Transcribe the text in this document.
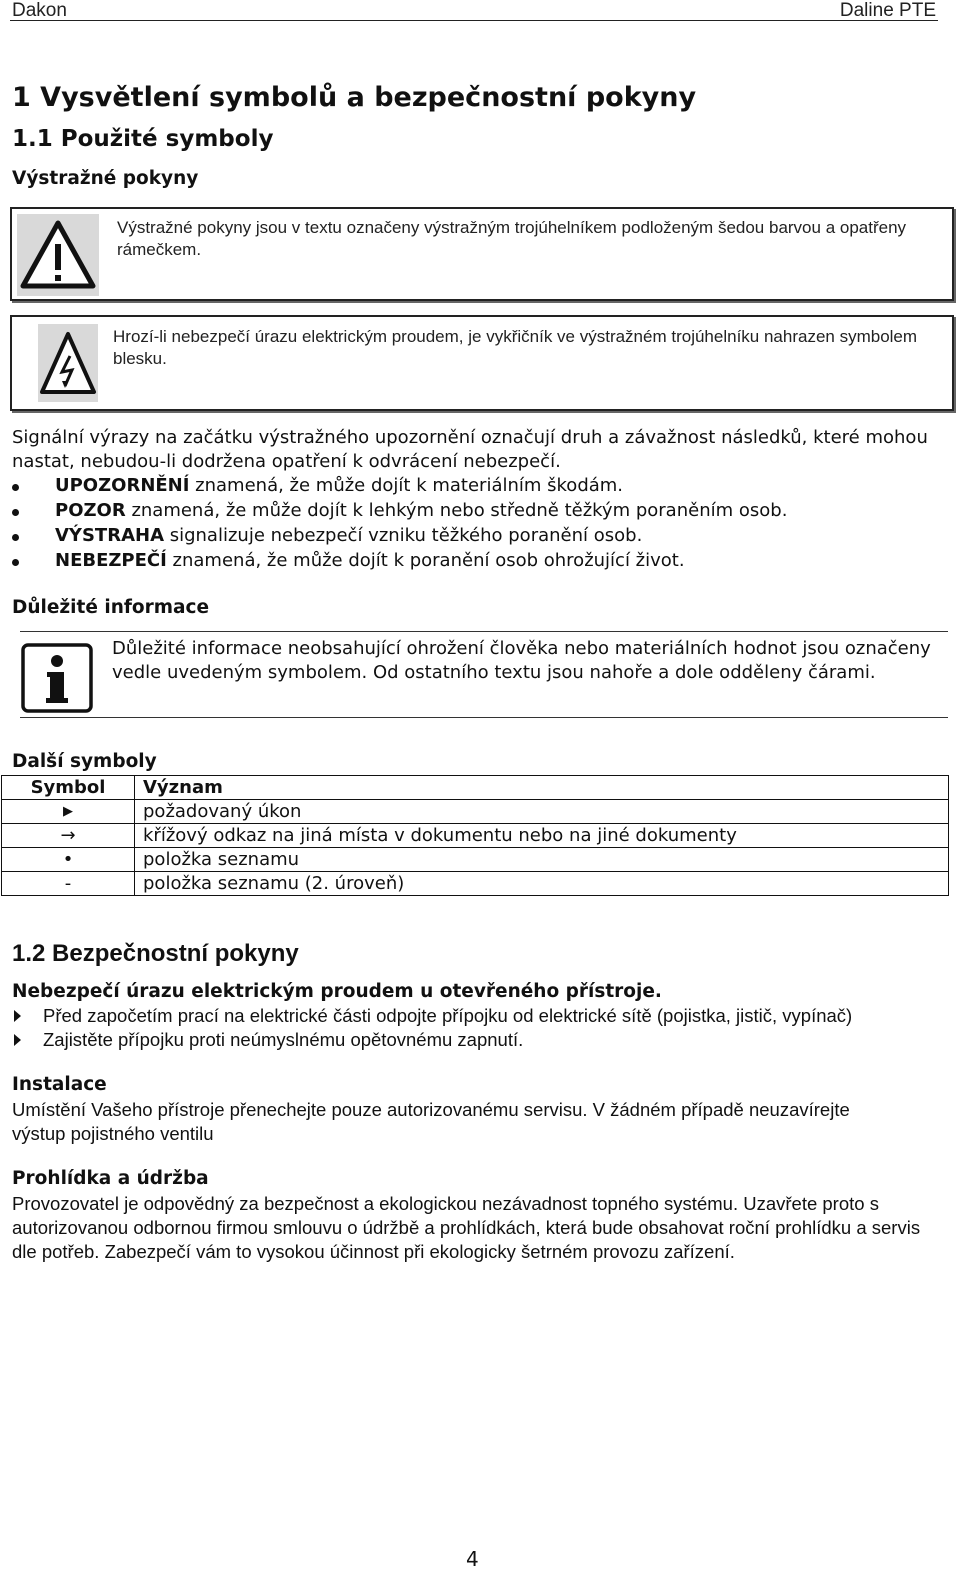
Dakon	Daline PTE
1 Vysvětlení symbolů a bezpečnostní pokyny
1.1 Použité symboly
Výstražné pokyny
Výstražné pokyny jsou v textu označeny výstražným trojúhelníkem podloženým šedou barvou a opatřeny rámečkem.
Hrozí-li nebezpečí úrazu elektrickým proudem, je vykřičník ve výstražném trojúhelníku nahrazen symbolem blesku.
Signální výrazy na začátku výstražného upozornění označují druh a závažnost následků, které mohou nastat, nebudou-li dodržena opatření k odvrácení nebezpečí.
UPOZORNĚNÍ znamená, že může dojít k materiálním škodám.
POZOR znamená, že může dojít k lehkým nebo středně těžkým poraněním osob.
VÝSTRAHA signalizuje nebezpečí vzniku těžkého poranění osob.
NEBEZPEČÍ znamená, že může dojít k poranění osob ohrožující život.
Důležité informace
Důležité informace neobsahující ohrožení člověka nebo materiálních hodnot jsou označeny vedle uvedeným symbolem. Od ostatního textu jsou nahoře a dole odděleny čárami.
Další symboly
Symbol	Význam
▶	požadovaný úkon
→	křížový odkaz na jiná místa v dokumentu nebo na jiné dokumenty
•	položka seznamu
-	položka seznamu (2. úroveň)
1.2 Bezpečnostní pokyny
Nebezpečí úrazu elektrickým proudem u otevřeného přístroje.
Před započetím prací na elektrické části odpojte přípojku od elektrické sítě (pojistka, jistič, vypínač)
Zajistěte přípojku proti neúmyslnému opětovnému zapnutí.
Instalace
Umístění Vašeho přístroje přenechejte pouze autorizovanému servisu. V žádném případě neuzavírejte výstup pojistného ventilu
Prohlídka a údržba
Provozovatel je odpovědný za bezpečnost a ekologickou nezávadnost topného systému. Uzavřete proto s autorizovanou odbornou firmou smlouvu o údržbě a prohlídkách, která bude obsahovat roční prohlídku a servis dle potřeb. Zabezpečí vám to vysokou účinnost při ekologicky šetrném provozu zařízení.
4
